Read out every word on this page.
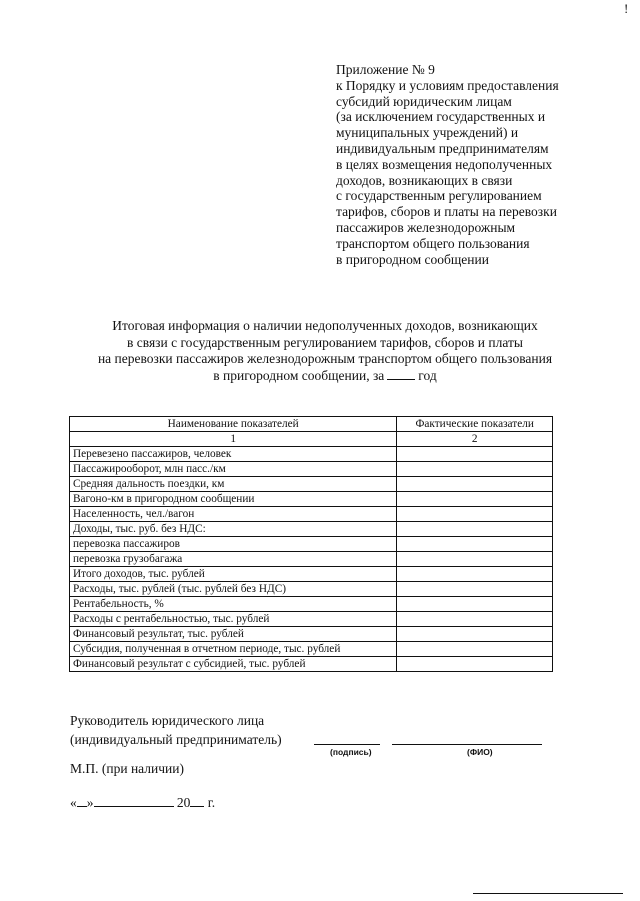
!
Приложение № 9
к Порядку и условиям предоставления
субсидий юридическим лицам
(за исключением государственных и
муниципальных учреждений) и
индивидуальным предпринимателям
в целях возмещения недополученных
доходов, возникающих в связи
с государственным регулированием
тарифов, сборов и платы на перевозки
пассажиров железнодорожным
транспортом общего пользования
в пригородном сообщении
Итоговая информация о наличии недополученных доходов, возникающих
в связи с государственным регулированием тарифов, сборов и платы
на перевозки пассажиров железнодорожным транспортом общего пользования
в пригородном сообщении, за	год
Наименование показателей	Фактические показатели
1	2
Перевезено пассажиров, человек	
Пассажирооборот, млн пасс./км	
Средняя дальность поездки, км	
Вагоно-км в пригородном сообщении	
Населенность, чел./вагон	
Доходы, тыс. руб. без НДС:	
перевозка пассажиров	
перевозка грузобагажа	
Итого доходов, тыс. рублей	
Расходы, тыс. рублей (тыс. рублей без НДС)	
Рентабельность, %	
Расходы с рентабельностью, тыс. рублей	
Финансовый результат, тыс. рублей	
Субсидия, полученная в отчетном периоде, тыс. рублей	
Финансовый результат с субсидией, тыс. рублей	
Руководитель юридического лица
(индивидуальный предприниматель)
(подпись)	(ФИО)
М.П. (при наличии)
« »	20 г.
